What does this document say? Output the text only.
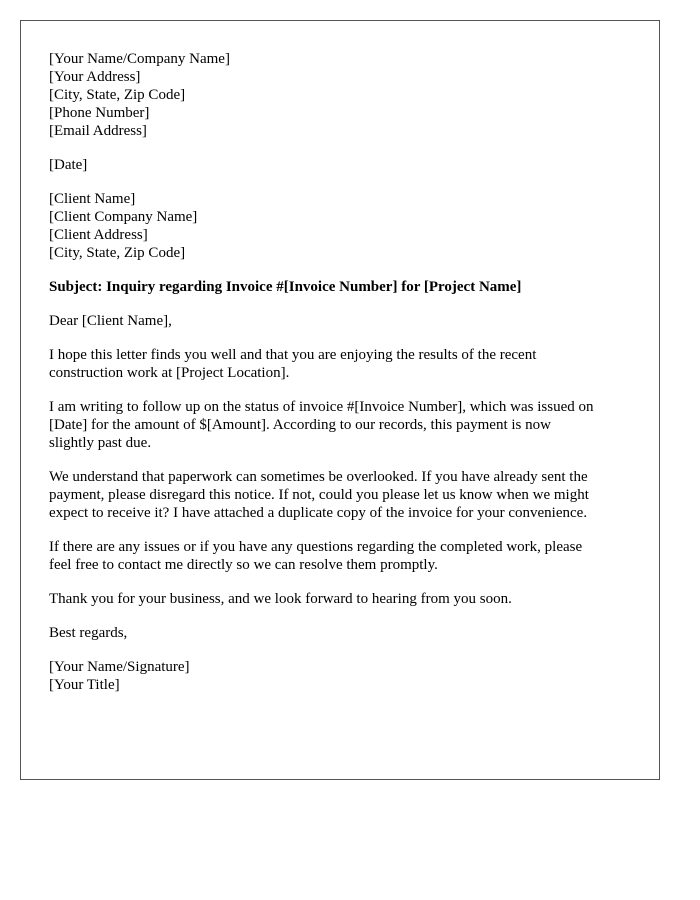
[Your Name/Company Name]
[Your Address]
[City, State, Zip Code]
[Phone Number]
[Email Address]
[Date]
[Client Name]
[Client Company Name]
[Client Address]
[City, State, Zip Code]
Subject: Inquiry regarding Invoice #[Invoice Number] for [Project Name]
Dear [Client Name],
I hope this letter finds you well and that you are enjoying the results of the recent
construction work at [Project Location].
I am writing to follow up on the status of invoice #[Invoice Number], which was issued on
[Date] for the amount of $[Amount]. According to our records, this payment is now
slightly past due.
We understand that paperwork can sometimes be overlooked. If you have already sent the
payment, please disregard this notice. If not, could you please let us know when we might
expect to receive it? I have attached a duplicate copy of the invoice for your convenience.
If there are any issues or if you have any questions regarding the completed work, please
feel free to contact me directly so we can resolve them promptly.
Thank you for your business, and we look forward to hearing from you soon.
Best regards,
[Your Name/Signature]
[Your Title]
